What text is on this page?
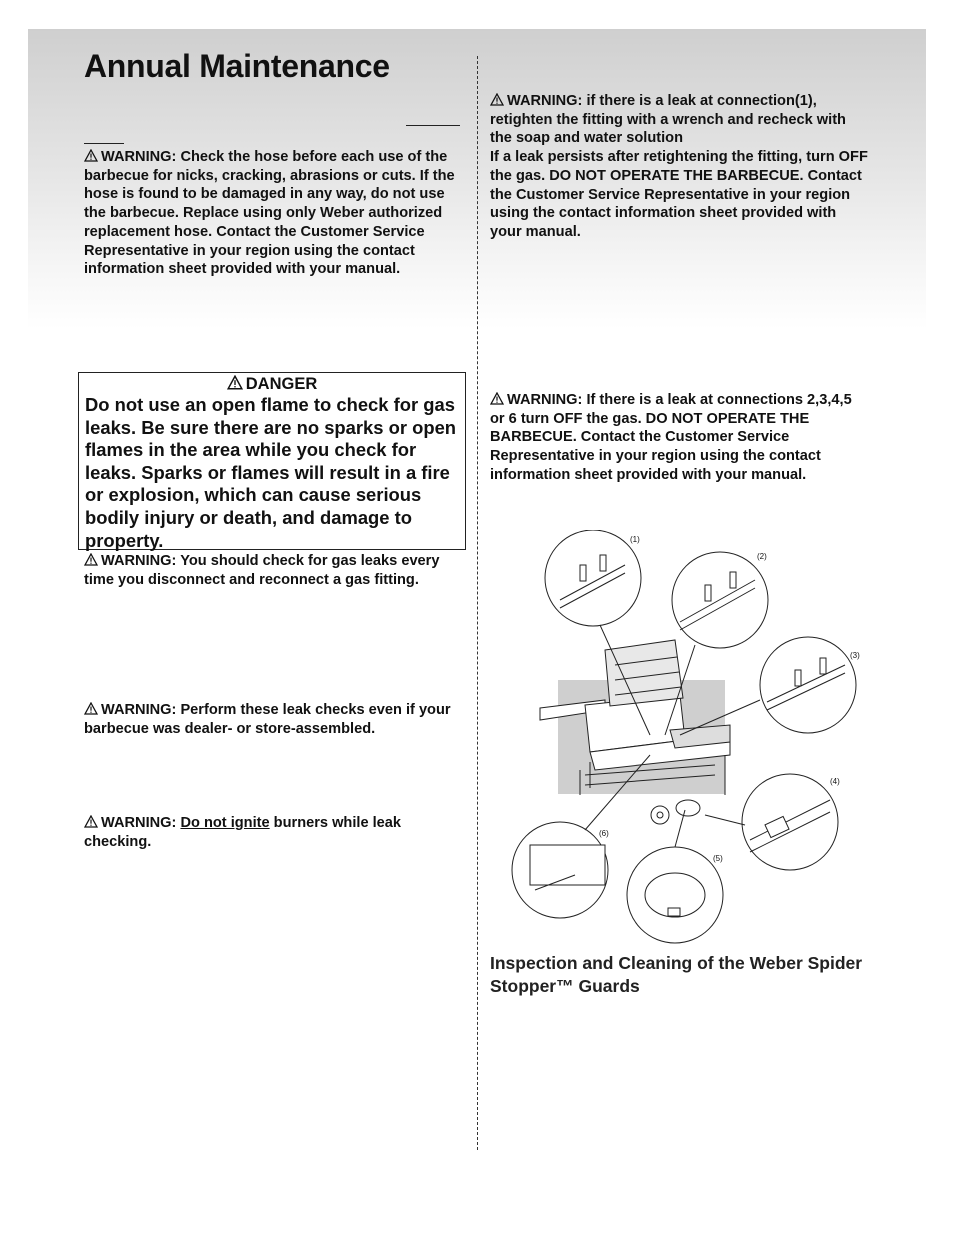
Annual Maintenance

WARNING: Check the hose before each use of the barbecue for nicks, cracking, abrasions or cuts. If the hose is found to be damaged in any way, do not use the barbecue. Replace using only Weber authorized replacement hose. Contact the Customer Service Representative in your region using the contact information sheet provided with your manual.

DANGER

Do not use an open flame to check for gas leaks. Be sure there are no sparks or open flames in the area while you check for leaks. Sparks or flames will result in a fire or explosion, which can cause serious bodily injury or death, and damage to property.

WARNING: You should check for gas leaks every time you disconnect and reconnect a gas fitting.

WARNING: Perform these leak checks even if your barbecue was dealer- or store-assembled.

WARNING: Do not ignite burners while leak checking.

WARNING: if there is a leak at connection(1), retighten the fitting with a wrench and recheck with the soap and water solution
If a leak persists after retightening the fitting, turn OFF the gas. DO NOT OPERATE THE BARBECUE. Contact the Customer Service Representative in your region using the contact information sheet provided with your manual.

WARNING: If there is a leak at connections 2,3,4,5 or 6 turn OFF the gas. DO NOT OPERATE THE BARBECUE. Contact the Customer Service Representative in your region using the contact information sheet provided with your manual.

(1)
(2)
(3)
(4)
(5)
(6)
Inspection and Cleaning of the Weber Spider Stopper™ Guards
